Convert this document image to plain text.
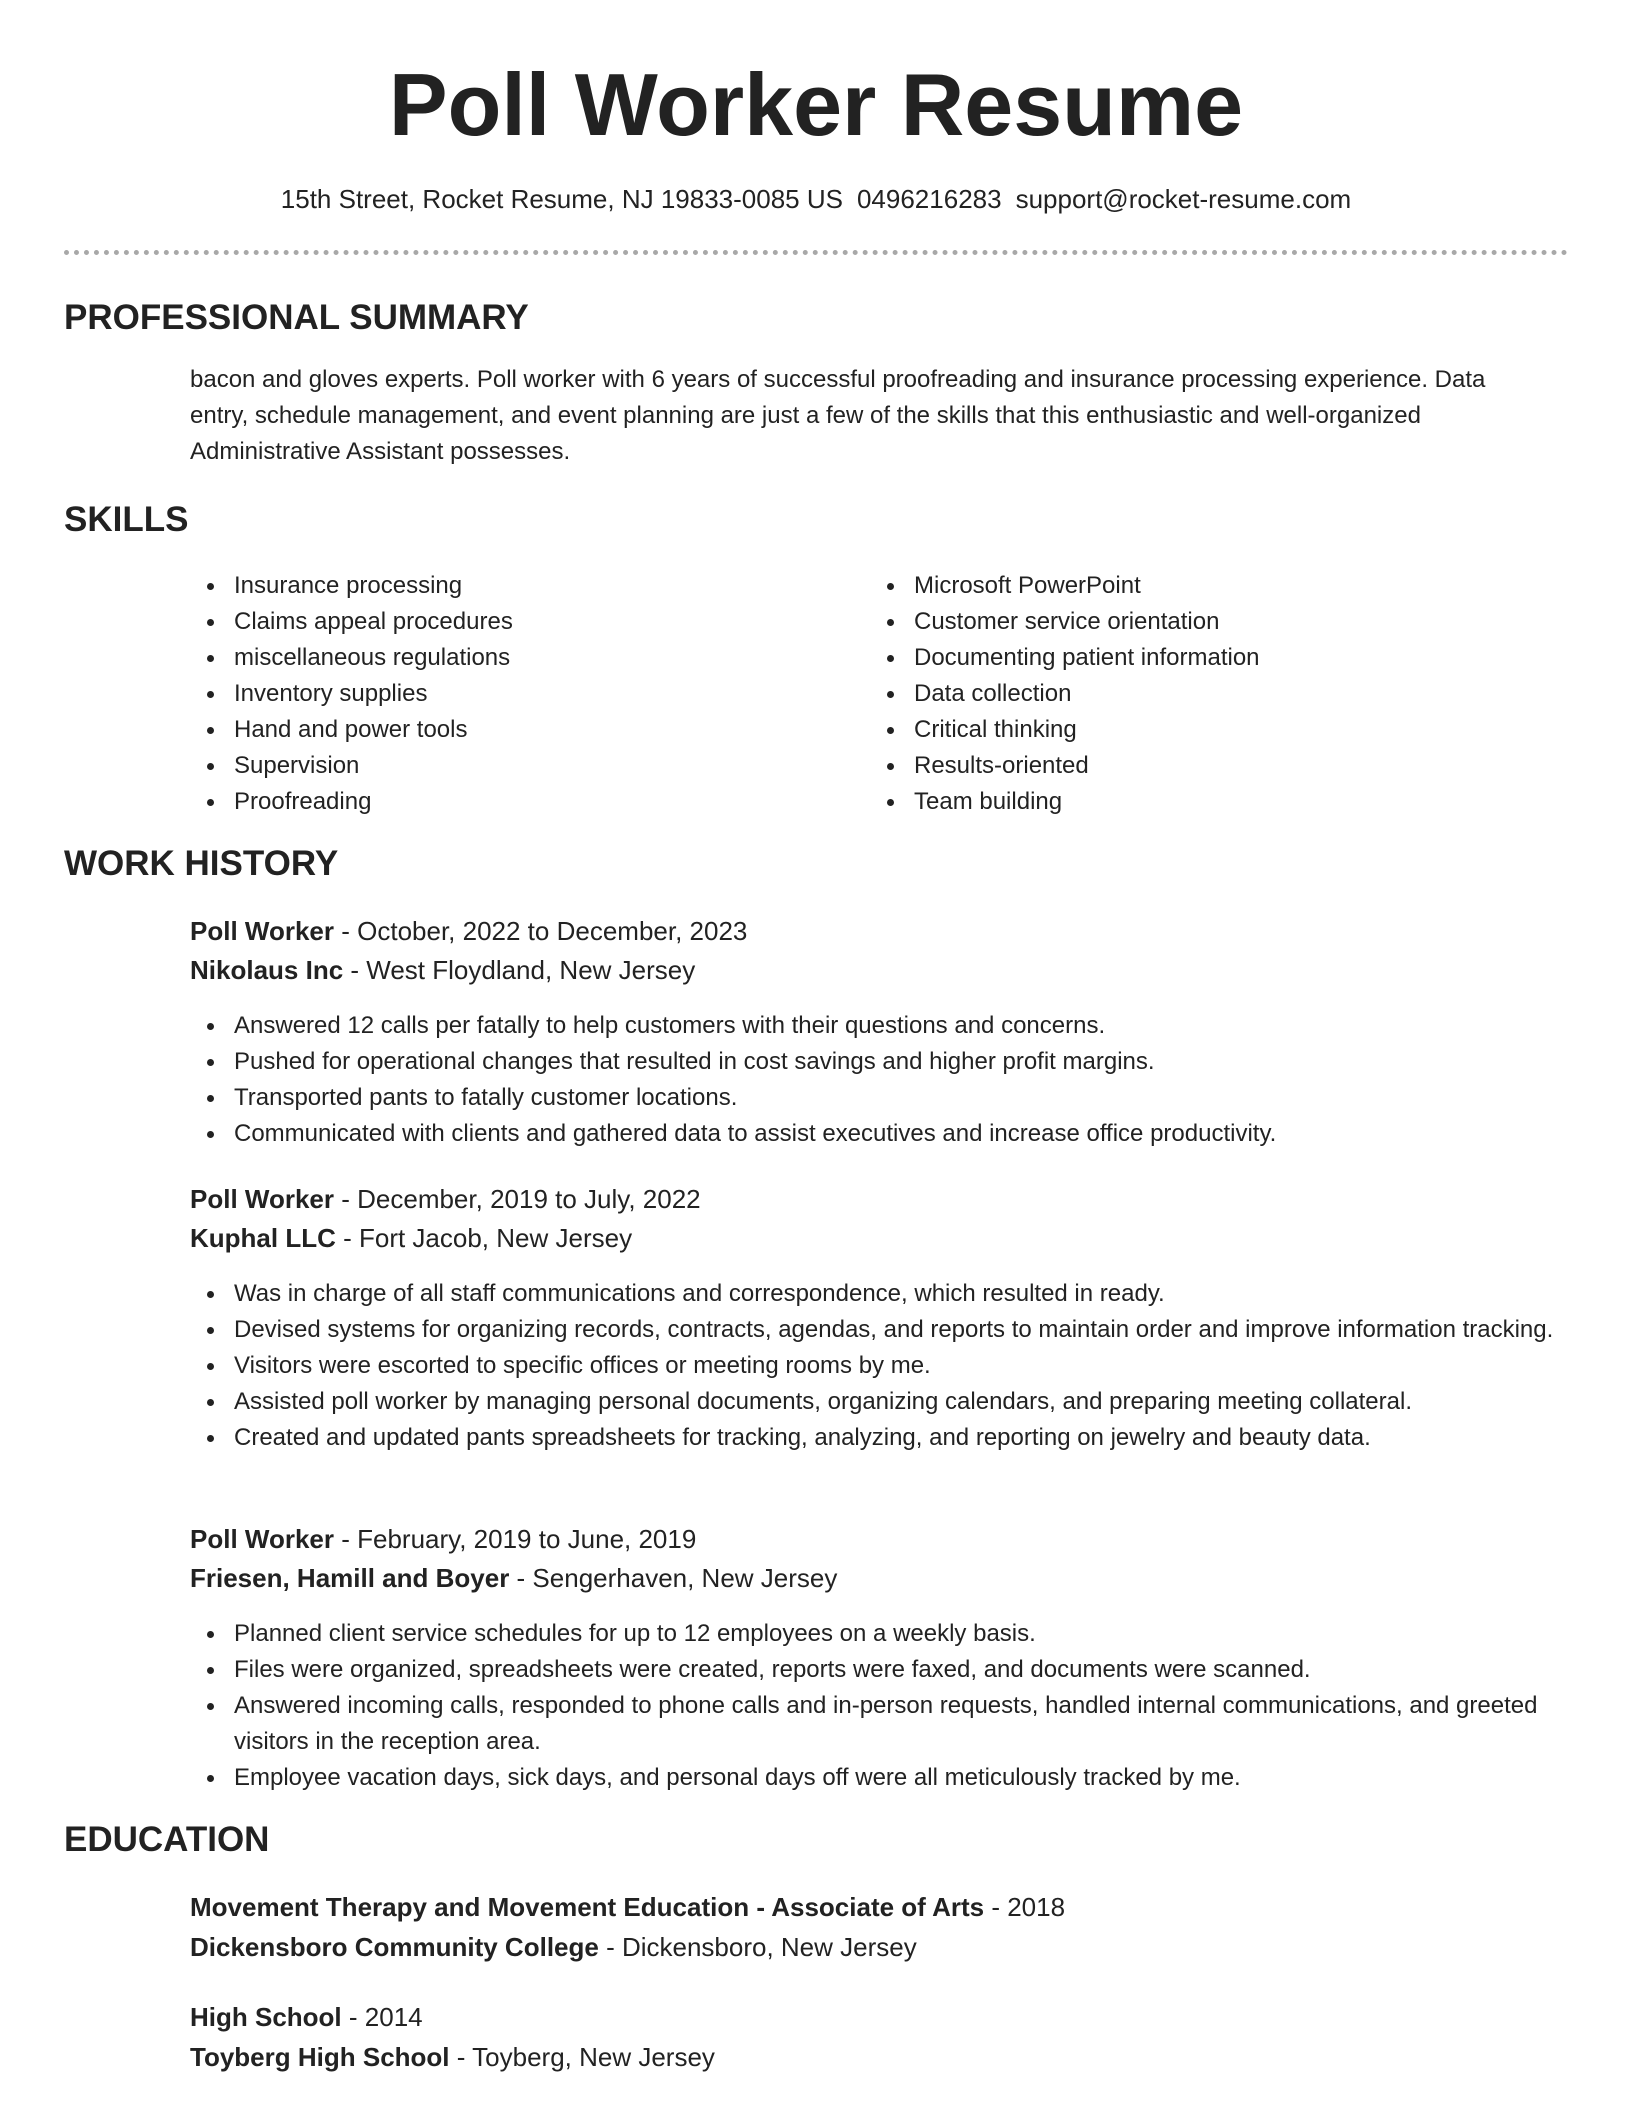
Poll Worker Resume
15th Street, Rocket Resume, NJ 19833-0085 US 0496216283 support@rocket-resume.com
PROFESSIONAL SUMMARY
bacon and gloves experts. Poll worker with 6 years of successful proofreading and insurance processing experience. Data
entry, schedule management, and event planning are just a few of the skills that this enthusiastic and well-organized
Administrative Assistant possesses.
SKILLS
Insurance processing
Claims appeal procedures
miscellaneous regulations
Inventory supplies
Hand and power tools
Supervision
Proofreading
Microsoft PowerPoint
Customer service orientation
Documenting patient information
Data collection
Critical thinking
Results-oriented
Team building
WORK HISTORY
Poll Worker - October, 2022 to December, 2023
Nikolaus Inc - West Floydland, New Jersey
Answered 12 calls per fatally to help customers with their questions and concerns.
Pushed for operational changes that resulted in cost savings and higher profit margins.
Transported pants to fatally customer locations.
Communicated with clients and gathered data to assist executives and increase office productivity.
Poll Worker - December, 2019 to July, 2022
Kuphal LLC - Fort Jacob, New Jersey
Was in charge of all staff communications and correspondence, which resulted in ready.
Devised systems for organizing records, contracts, agendas, and reports to maintain order and improve information tracking.
Visitors were escorted to specific offices or meeting rooms by me.
Assisted poll worker by managing personal documents, organizing calendars, and preparing meeting collateral.
Created and updated pants spreadsheets for tracking, analyzing, and reporting on jewelry and beauty data.
Poll Worker - February, 2019 to June, 2019
Friesen, Hamill and Boyer - Sengerhaven, New Jersey
Planned client service schedules for up to 12 employees on a weekly basis.
Files were organized, spreadsheets were created, reports were faxed, and documents were scanned.
Answered incoming calls, responded to phone calls and in-person requests, handled internal communications, and greeted visitors in the reception area.
Employee vacation days, sick days, and personal days off were all meticulously tracked by me.
EDUCATION
Movement Therapy and Movement Education - Associate of Arts - 2018
Dickensboro Community College - Dickensboro, New Jersey
High School - 2014
Toyberg High School - Toyberg, New Jersey
